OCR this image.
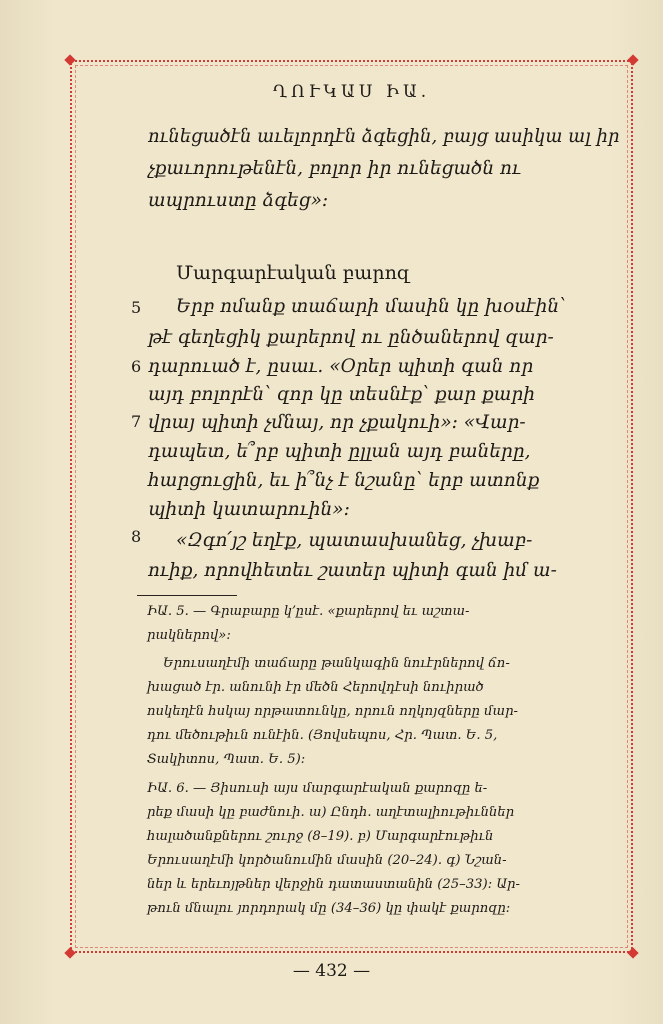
ՂՈՒԿԱՍ ԻԱ.
ունեցածէն աւելորդէն ձգեցին, բայց ասիկա ալ իր
չքաւորութենէն, բոլոր իր ունեցածն ու
ապրուստը ձգեց»։
Մարգարէական բարոզ
5
6
7
8
Երբ ոմանք տաճարի մասին կը խօսէին՝
թէ գեղեցիկ քարերով ու ընծաներով զար-
դարուած է, ըսաւ. «Օրեր պիտի գան որ
այդ բոլորէն՝ զոր կը տեսնէք՝ քար քարի
վրայ պիտի չմնայ, որ չքակուի»։ «Վար-
դապետ, ե՞րբ պիտի ըլլան այդ բաները,
հարցուցին, եւ ի՞նչ է նշանը՝ երբ ատոնք
պիտի կատարուին»։
«Զգո՛յշ եղէք, պատասխանեց, չխաբ-
ուիք, որովհետեւ շատեր պիտի գան իմ ա-
ԻԱ. 5. — Գրաբարը կ՚ըսէ. «քարերով եւ աշտա-
րակներով»։
Երուսաղէմի տաճարը թանկագին նուէրներով ճո-
խացած էր. անունի էր մեծն Հերովդէսի նուիրած
ոսկեղէն հսկայ որթատունկը, որուն ողկոյզները մար-
դու մեծութիւն ունէին. (Յովսեպոս, Հր. Պատ. Ե. 5,
Տակիտոս, Պատ. Ե. 5)։
ԻԱ. 6. — Յիսուսի այս մարգարէական քարոզը ե-
րեք մասի կը բաժնուի. ա) Ընդհ. աղէտալիութիւններ
հալածանքներու շուրջ (8–19). բ) Մարգարէութիւն
Երուսաղէմի կործանումին մասին (20–24). գ) Նշան-
ներ և երեւոյթներ վերջին դատաստանին (25–33)։ Ար-
թուն մնալու յորդորակ մը (34–36) կը փակէ քարոզը։
— 432 —
